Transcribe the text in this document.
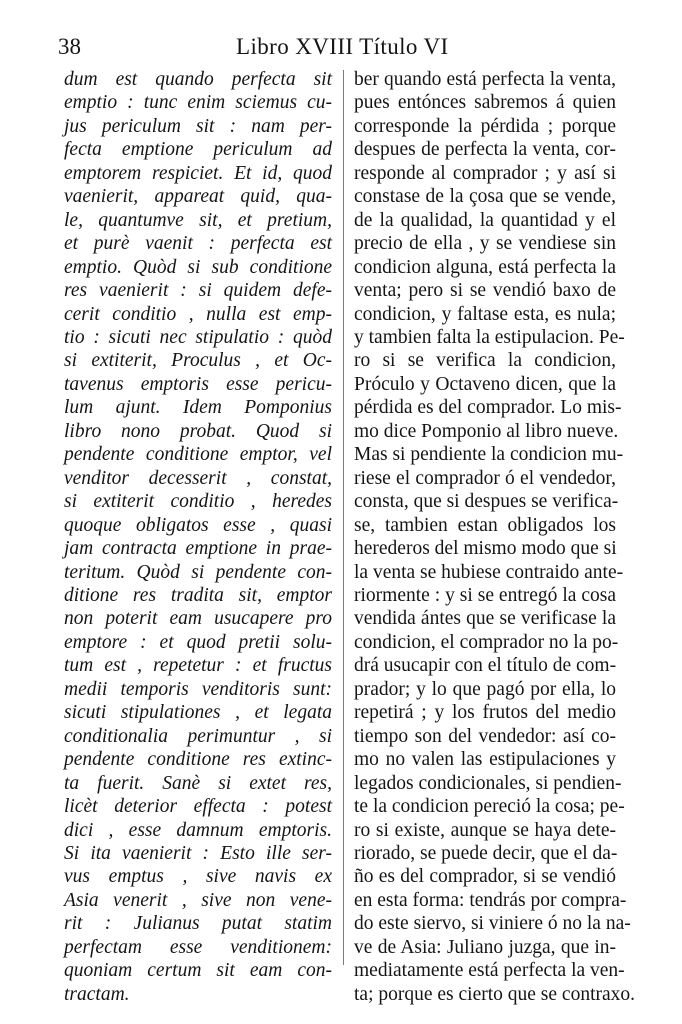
38	Libro XVIII Título VI
dum est quando perfecta sit
emptio : tunc enim sciemus cu-
jus periculum sit : nam per-
fecta emptione periculum ad
emptorem respiciet. Et id, quod
vaenierit, appareat quid, qua-
le, quantumve sit, et pretium,
et purè vaenit : perfecta est
emptio. Quòd si sub conditione
res vaenierit : si quidem defe-
cerit conditio , nulla est emp-
tio : sicuti nec stipulatio : quòd
si extiterit, Proculus , et Oc-
tavenus emptoris esse pericu-
lum ajunt. Idem Pomponius
libro nono probat. Quod si
pendente conditione emptor, vel
venditor decesserit , constat,
si extiterit conditio , heredes
quoque obligatos esse , quasi
jam contracta emptione in prae-
teritum. Quòd si pendente con-
ditione res tradita sit, emptor
non poterit eam usucapere pro
emptore : et quod pretii solu-
tum est , repetetur : et fructus
medii temporis venditoris sunt:
sicuti stipulationes , et legata
conditionalia perimuntur , si
pendente conditione res extinc-
ta fuerit. Sanè si extet res,
licèt deterior effecta : potest
dici , esse damnum emptoris.
Si ita vaenierit : Esto ille ser-
vus emptus , sive navis ex
Asia venerit , sive non vene-
rit : Julianus putat statim
perfectam esse venditionem:
quoniam certum sit eam con-
tractam.
ber quando está perfecta la venta,
pues entónces sabremos á quien
corresponde la pérdida ; porque
despues de perfecta la venta, cor-
responde al comprador ; y así si
constase de la çosa que se vende,
de la qualidad, la quantidad y el
precio de ella , y se vendiese sin
condicion alguna, está perfecta la
venta; pero si se vendió baxo de
condicion, y faltase esta, es nula;
y tambien falta la estipulacion. Pe-
ro si se verifica la condicion,
Próculo y Octaveno dicen, que la
pérdida es del comprador. Lo mis-
mo dice Pomponio al libro nueve.
Mas si pendiente la condicion mu-
riese el comprador ó el vendedor,
consta, que si despues se verifica-
se, tambien estan obligados los
herederos del mismo modo que si
la venta se hubiese contraido ante-
riormente : y si se entregó la cosa
vendida ántes que se verificase la
condicion, el comprador no la po-
drá usucapir con el título de com-
prador; y lo que pagó por ella, lo
repetirá ; y los frutos del medio
tiempo son del vendedor: así co-
mo no valen las estipulaciones y
legados condicionales, si pendien-
te la condicion pereció la cosa; pe-
ro si existe, aunque se haya dete-
riorado, se puede decir, que el da-
ño es del comprador, si se vendió
en esta forma: tendrás por compra-
do este siervo, si viniere ó no la na-
ve de Asia: Juliano juzga, que in-
mediatamente está perfecta la ven-
ta; porque es cierto que se contraxo.
